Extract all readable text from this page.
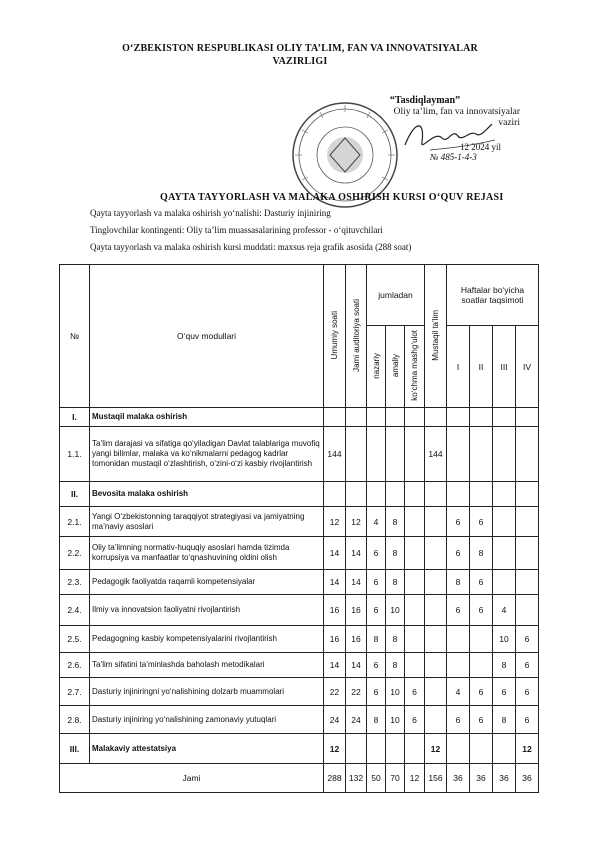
O‘ZBEKISTON RESPUBLIKASI OLIY TA’LIM, FAN VA INNOVATSIYALAR VAZIRLIGI
“Tasdiqlayman”
Oliy ta’lim, fan va innovatsiyalar
vaziri
12 2024 yil
№ 485-1-4-3
QAYTA TAYYORLASH VA MALAKA OSHIRISH KURSI O‘QUV REJASI
Qayta tayyorlash va malaka oshirish yo‘nalishi: Dasturiy injiniring
Tinglovchilar kontingenti: Oliy ta’lim muassasalarining professor - o‘qituvchilari
Qayta tayyorlash va malaka oshirish kursi muddati: maxsus reja grafik asosida (288 soat)
№	O‘quv modullari	Umumiy soati	Jami auditoriya soati	jumladan			Mustaqil ta’lim	Haftalar bo‘yicha soatlar taqsimoti			
				nazariy	amaliy	ko‘chma mashg‘ulot		I	II	III	IV
I.	Mustaqil malaka oshirish										
1.1.	Ta’lim darajasi va sifatiga qo‘yiladigan Davlat talablariga muvofiq yangi bilimlar, malaka va ko‘nikmalarni pedagog kadrlar tomonidan mustaqil o‘zlashtirish, o‘zini-o‘zi kasbiy rivojlantirish	144					144				
II.	Bevosita malaka oshirish										
2.1.	Yangi O‘zbekistonning taraqqiyot strategiyasi va jamiyatning ma’naviy asoslari	12	12	4	8			6	6		
2.2.	Oliy ta’limning normativ-huquqiy asoslari hamda tizimda korrupsiya va manfaatlar to‘qnashuvining oldini olish	14	14	6	8			6	8		
2.3.	Pedagogik faoliyatda raqamli kompetensiyalar	14	14	6	8			8	6		
2.4.	Ilmiy va innovatsion faoliyatni rivojlantirish	16	16	6	10			6	6	4	
2.5.	Pedagogning kasbiy kompetensiyalarini rivojlantirish	16	16	8	8					10	6
2.6.	Ta’lim sifatini ta’minlashda baholash metodikalari	14	14	6	8					8	6
2.7.	Dasturiy injiniringni yo‘nalishining dolzarb muammolari	22	22	6	10	6		4	6	6	6
2.8.	Dasturiy injiniring yo‘nalishining zamonaviy yutuqlari	24	24	8	10	6		6	6	8	6
III.	Malakaviy attestatsiya	12					12				12
Jami		288	132	50	70	12	156	36	36	36	36
